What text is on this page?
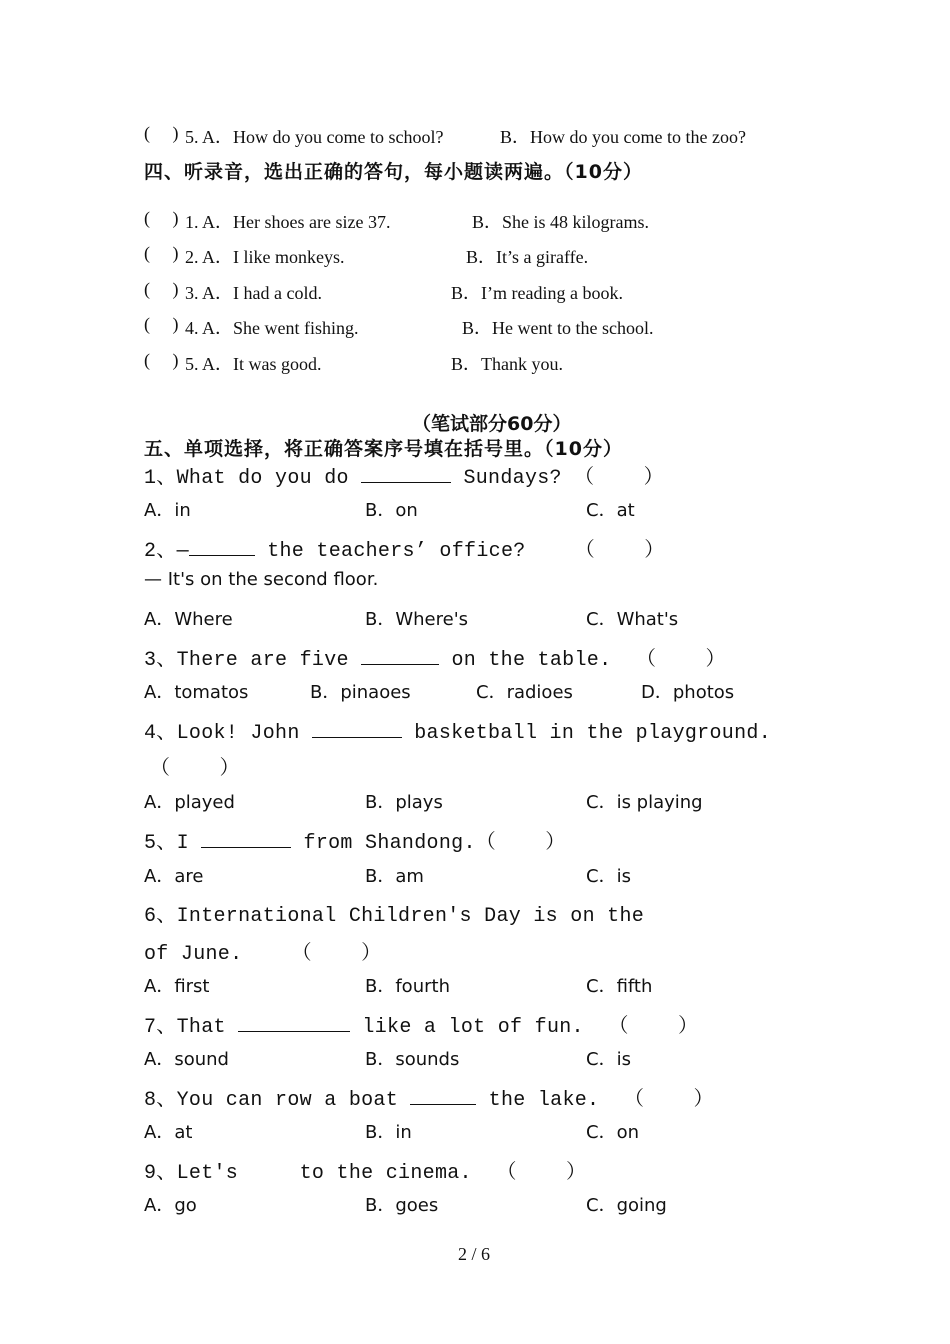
(     ) 5. A．How do you come to school?	B．How do you come to the zoo?
四、听录音，选出正确的答句，每小题读两遍。（10分）
(     ) 1. A．Her shoes are size 37.	B．She is 48 kilograms.
(     ) 2. A．I like monkeys.	B．It’s a giraffe.
(     ) 3. A．I had a cold.	B．I’m reading a book.
(     ) 4. A．She went fishing.	B．He went to the school.
(     ) 5. A．It was good.	B．Thank you.
（笔试部分60分）
五、单项选择，将正确答案序号填在括号里。（10分）
1、What do you do	Sundays? （    ）
A．in	B．on	C．at
2、—	the teachers’ office?    （    ）
— It's on the second floor.
A．Where	B．Where's	C．What's
3、There are five	on the table.  （    ）
A．tomatos	B．pinaoes	C．radioes	D．photos
4、Look! John	basketball in the playground.
（    ）
A．played	B．plays	C．is playing
5、I	from Shandong.（    ）
A．are	B．am	C．is
6、International Children's Day is on the
of June.    （    ）
A．first	B．fourth	C．fifth
7、That	like a lot of fun.  （    ）
A．sound	B．sounds	C．is
8、You can row a boat	the lake.  （    ）
A．at	B．in	C．on
9、Let's     to the cinema.  （    ）
A．go	B．goes	C．going
2 / 6
